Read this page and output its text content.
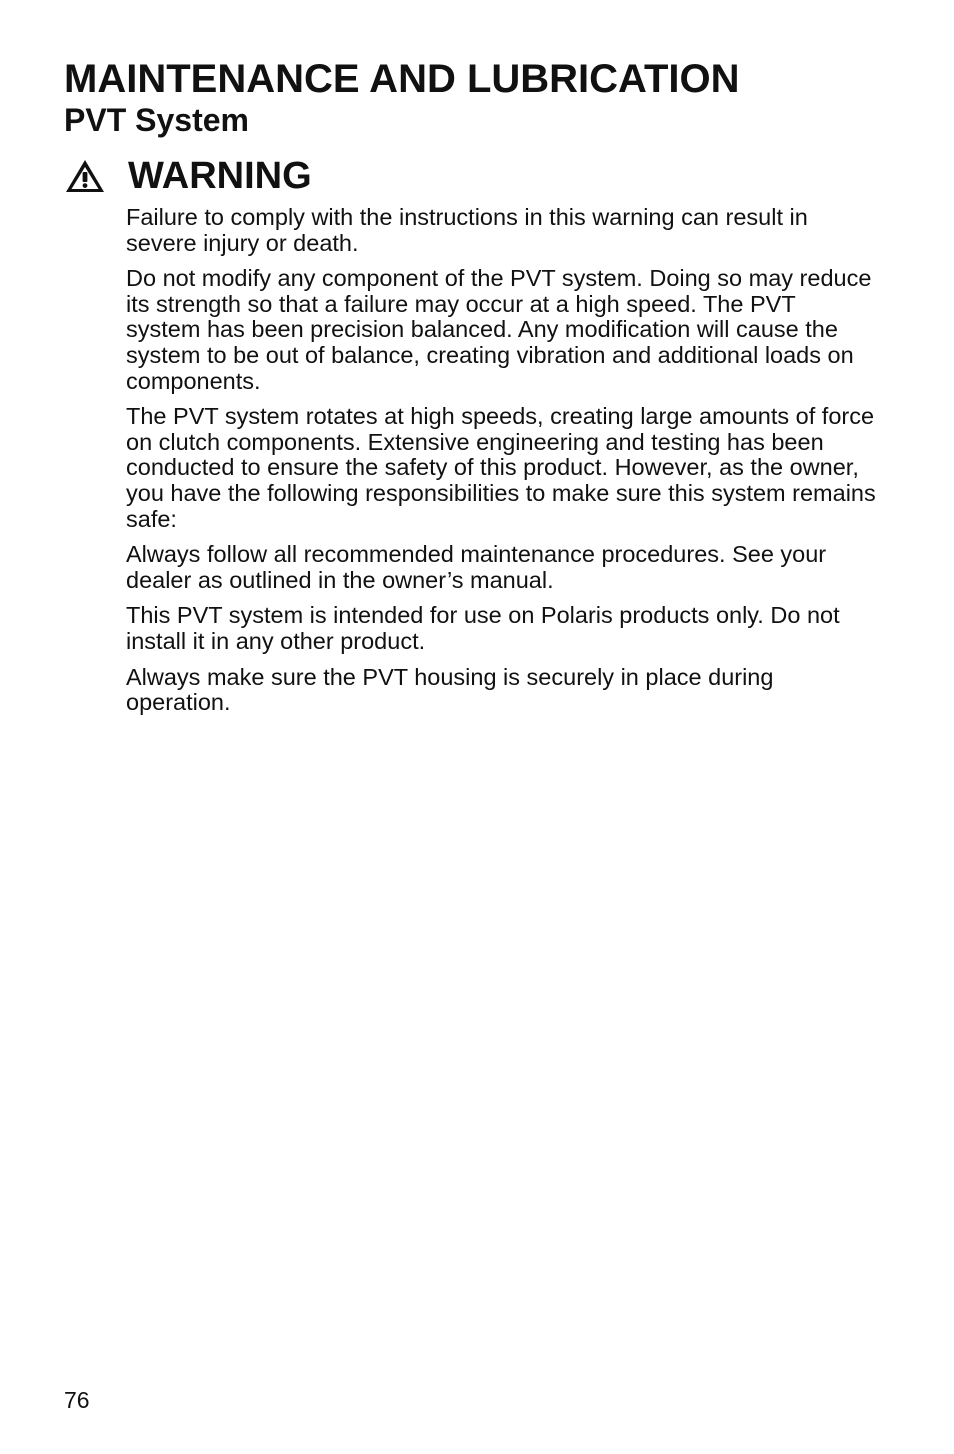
MAINTENANCE AND LUBRICATION
PVT System
WARNING

Failure to comply with the instructions in this warning can result in severe injury or death.

Do not modify any component of the PVT system. Doing so may reduce its strength so that a failure may occur at a high speed. The PVT system has been precision balanced. Any modification will cause the system to be out of balance, creating vibration and additional loads on components.

The PVT system rotates at high speeds, creating large amounts of force on clutch components. Extensive engineering and testing has been conducted to ensure the safety of this product. However, as the owner, you have the following responsibilities to make sure this system remains safe:

Always follow all recommended maintenance procedures. See your dealer as outlined in the owner’s manual.

This PVT system is intended for use on Polaris products only. Do not install it in any other product.

Always make sure the PVT housing is securely in place during operation.

76
